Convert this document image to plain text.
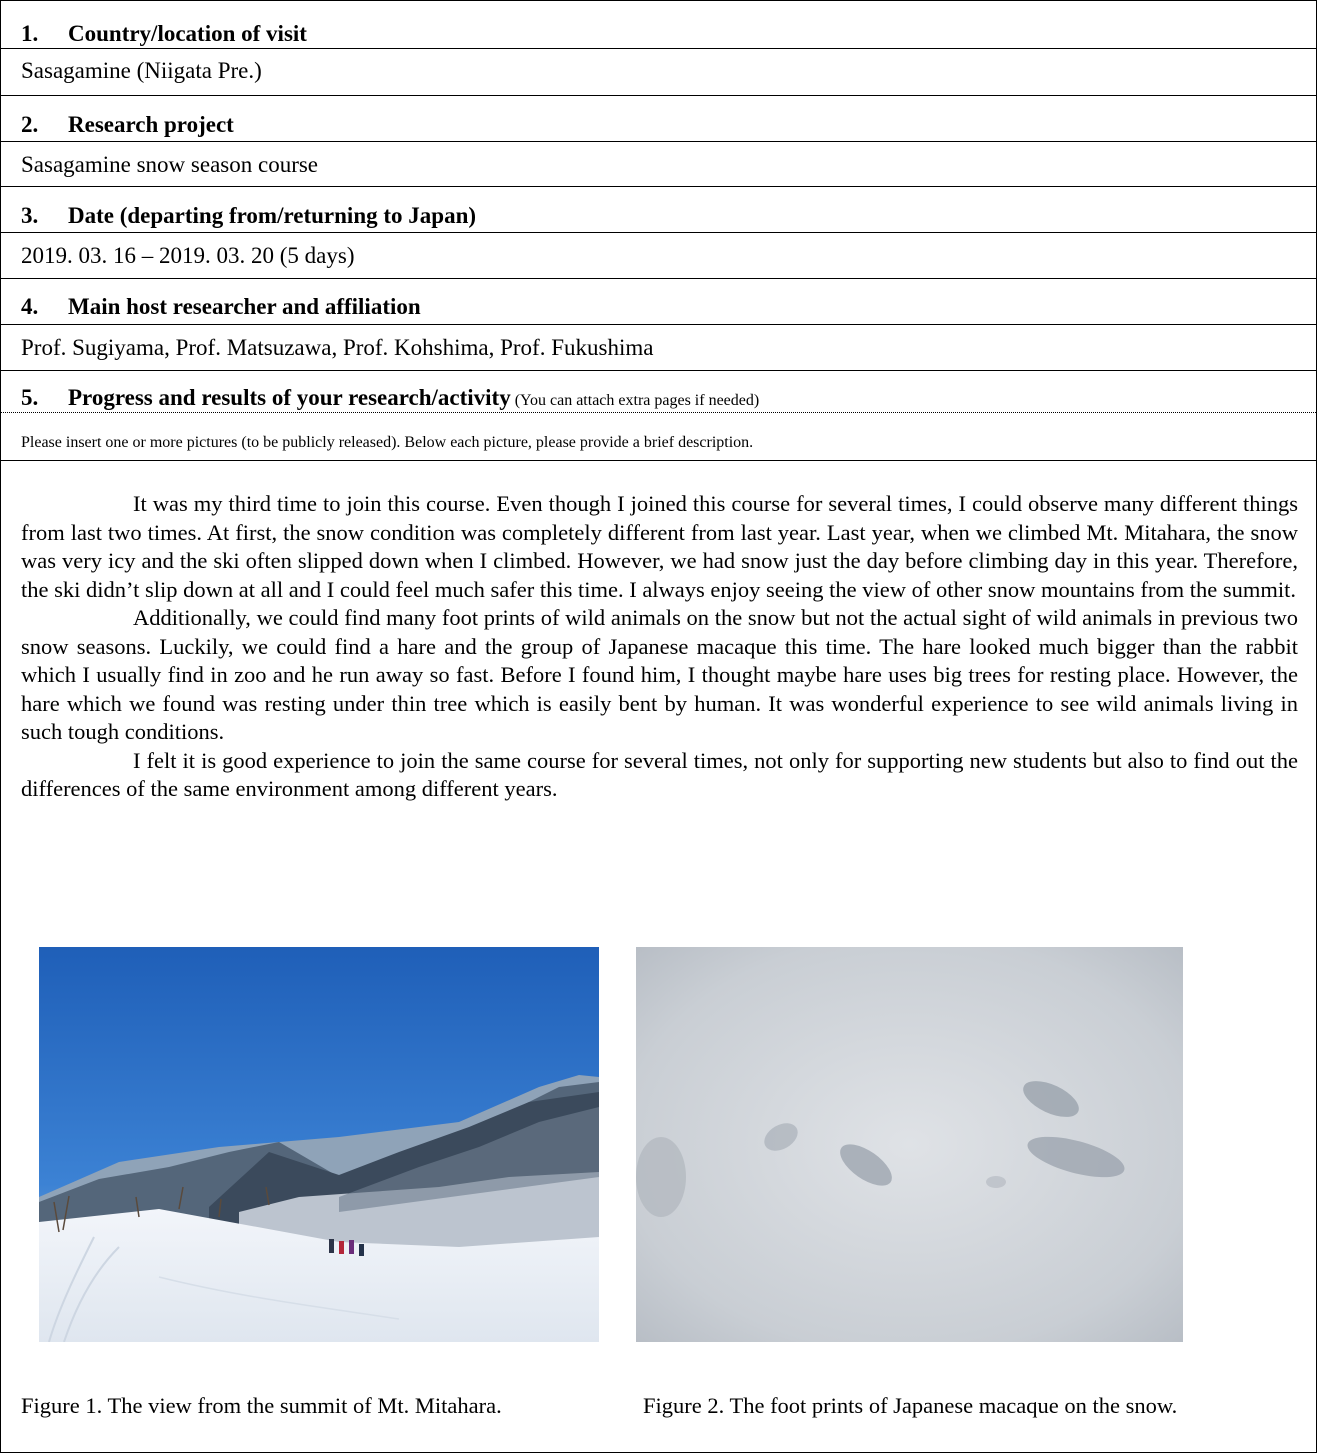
1. Country/location of visit
Sasagamine (Niigata Pre.)
2. Research project
Sasagamine snow season course
3. Date (departing from/returning to Japan)
2019. 03. 16 – 2019. 03. 20 (5 days)
4. Main host researcher and affiliation
Prof. Sugiyama, Prof. Matsuzawa, Prof. Kohshima, Prof. Fukushima
5. Progress and results of your research/activity (You can attach extra pages if needed)
Please insert one or more pictures (to be publicly released). Below each picture, please provide a brief description.

It was my third time to join this course. Even though I joined this course for several times, I could observe many different things from last two times. At first, the snow condition was completely different from last year. Last year, when we climbed Mt. Mitahara, the snow was very icy and the ski often slipped down when I climbed. However, we had snow just the day before climbing day in this year. Therefore, the ski didn’t slip down at all and I could feel much safer this time. I always enjoy seeing the view of other snow mountains from the summit.

Additionally, we could find many foot prints of wild animals on the snow but not the actual sight of wild animals in previous two snow seasons. Luckily, we could find a hare and the group of Japanese macaque this time. The hare looked much bigger than the rabbit which I usually find in zoo and he run away so fast. Before I found him, I thought maybe hare uses big trees for resting place. However, the hare which we found was resting under thin tree which is easily bent by human. It was wonderful experience to see wild animals living in such tough conditions.

I felt it is good experience to join the same course for several times, not only for supporting new students but also to find out the differences of the same environment among different years.

Figure 1. The view from the summit of Mt. Mitahara.	Figure 2. The foot prints of Japanese macaque on the snow.
